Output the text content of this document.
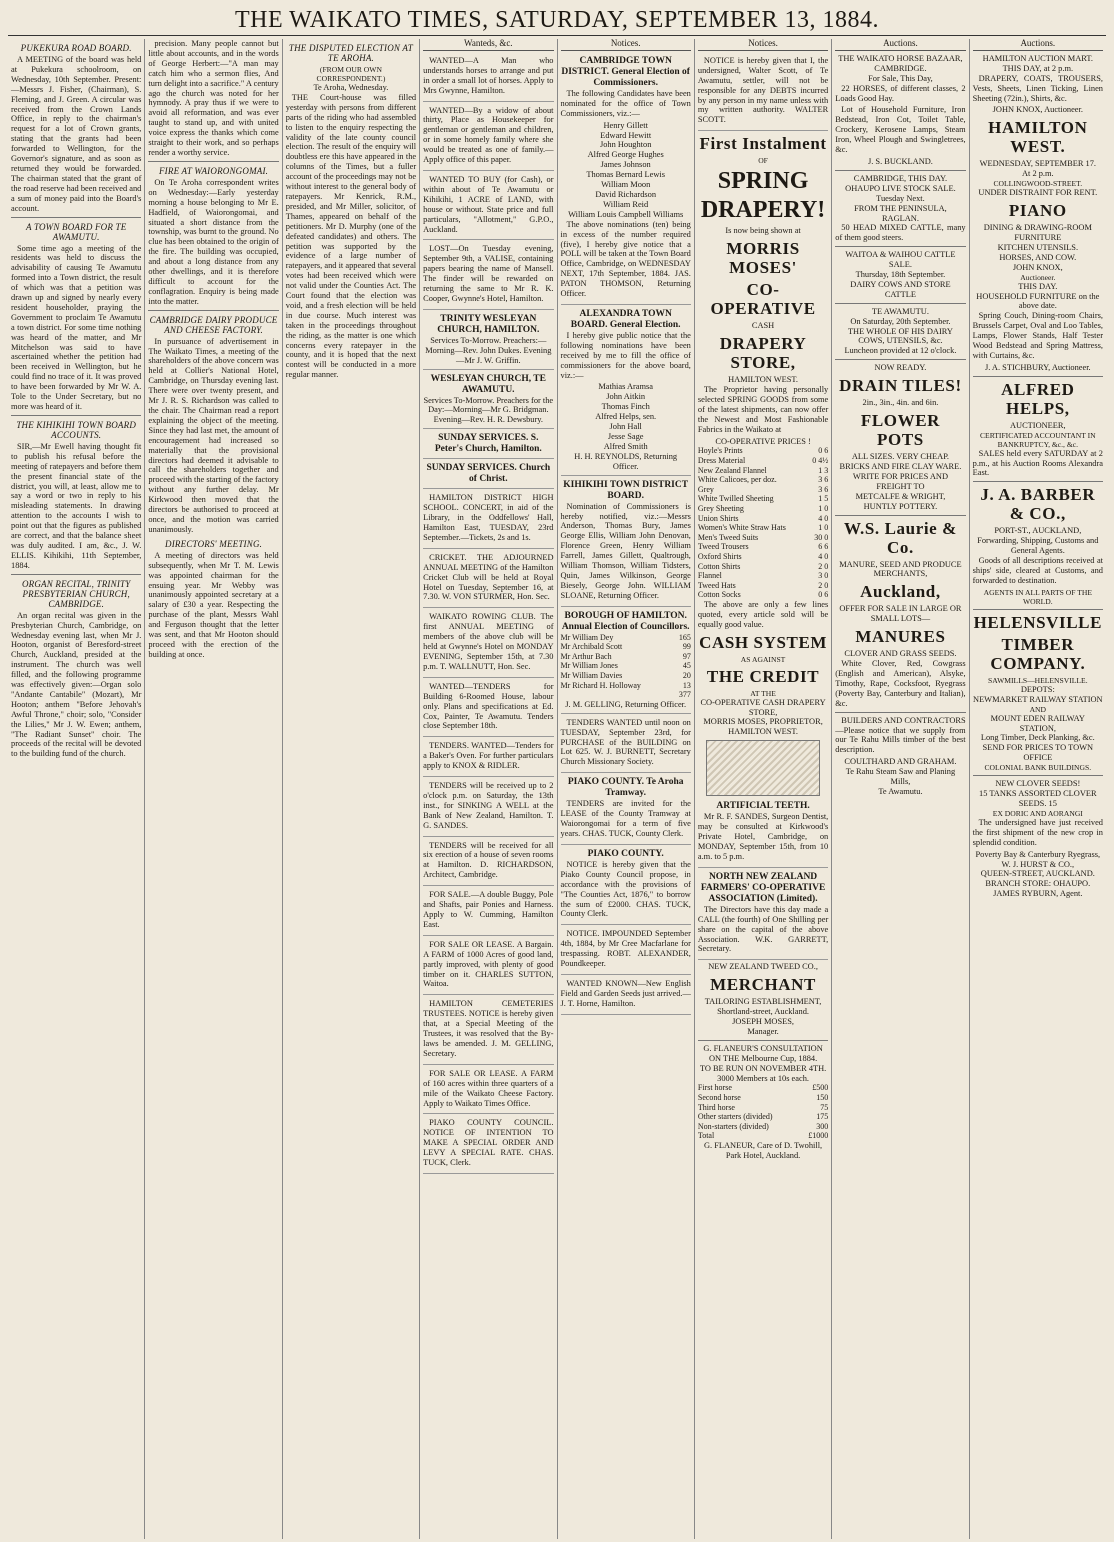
THE WAIKATO TIMES, SATURDAY, SEPTEMBER 13, 1884.
PUKEKURA ROAD BOARD.

A MEETING of the board was held at Pukekura schoolroom, on Wednesday, 10th September. Present:—Messrs J. Fisher, (Chairman), S. Fleming, and J. Green. A circular was received from the Crown Lands Office, in reply to the chairman's request for a lot of Crown grants, stating that the grants had been forwarded to Wellington, for the Governor's signature, and as soon as returned they would be forwarded. The chairman stated that the grant of the road reserve had been received and a sum of money paid into the Board's account.

A TOWN BOARD FOR TE AWAMUTU.

Some time ago a meeting of the residents was held to discuss the advisability of causing Te Awamutu formed into a Town district, the result of which was that a petition was drawn up and signed by nearly every resident householder, praying the Government to proclaim Te Awamutu a town district. For some time nothing was heard of the matter, and Mr Mitchelson was said to have ascertained whether the petition had been received in Wellington, but he could find no trace of it. It was proved to have been forwarded by Mr W. A. Tole to the Under Secretary, but no more was heard of it.

THE KIHIKIHI TOWN BOARD ACCOUNTS.

SIR,—Mr Ewell having thought fit to publish his refusal before the meeting of ratepayers and before them the present financial state of the district, you will, at least, allow me to say a word or two in reply to his misleading statements. In drawing attention to the accounts I wish to point out that the figures as published are correct, and that the balance sheet was duly audited. I am, &c., J. W. ELLIS. Kihikihi, 11th September, 1884.

ORGAN RECITAL, TRINITY PRESBYTERIAN CHURCH, CAMBRIDGE.

An organ recital was given in the Presbyterian Church, Cambridge, on Wednesday evening last, when Mr J. Hooton, organist of Beresford-street Church, Auckland, presided at the instrument. The church was well filled, and the following programme was effectively given:—Organ solo "Andante Cantabile" (Mozart), Mr Hooton; anthem "Before Jehovah's Awful Throne," choir; solo, "Consider the Lilies," Mr J. W. Ewen; anthem, "The Radiant Sunset" choir. The proceeds of the recital will be devoted to the building fund of the church.

precision. Many people cannot but little about accounts, and in the words of George Herbert:—"A man may catch him who a sermon flies, And turn delight into a sacrifice." A century ago the church was noted for her hymnody. A pray thus if we were to avoid all reformation, and was ever taught to stand up, and with united voice express the thanks which come straight to their work, and so perhaps render a worthy service.

FIRE AT WAIORONGOMAI.

On Te Aroha correspondent writes on Wednesday:—Early yesterday morning a house belonging to Mr E. Hadfield, of Waiorongomai, and situated a short distance from the township, was burnt to the ground. No clue has been obtained to the origin of the fire. The building was occupied, and about a long distance from any other dwellings, and it is therefore difficult to account for the conflagration. Enquiry is being made into the matter.

CAMBRIDGE DAIRY PRODUCE AND CHEESE FACTORY.

In pursuance of advertisement in The Waikato Times, a meeting of the shareholders of the above concern was held at Collier's National Hotel, Cambridge, on Thursday evening last. There were over twenty present, and Mr J. R. S. Richardson was called to the chair. The Chairman read a report explaining the object of the meeting. Since they had last met, the amount of encouragement had increased so materially that the provisional directors had deemed it advisable to call the shareholders together and proceed with the starting of the factory without any further delay. Mr Kirkwood then moved that the directors be authorised to proceed at once, and the motion was carried unanimously.

DIRECTORS' MEETING.

A meeting of directors was held subsequently, when Mr T. M. Lewis was appointed chairman for the ensuing year. Mr Webby was unanimously appointed secretary at a salary of £30 a year. Respecting the purchase of the plant, Messrs Wahl and Ferguson thought that the letter was sent, and that Mr Hooton should proceed with the erection of the building at once.

THE DISPUTED ELECTION AT TE AROHA.
(FROM OUR OWN CORRESPONDENT.)
Te Aroha, Wednesday.

THE Court-house was filled yesterday with persons from different parts of the riding who had assembled to listen to the enquiry respecting the validity of the late county council election. The result of the enquiry will doubtless ere this have appeared in the columns of the Times, but a fuller account of the proceedings may not be without interest to the general body of ratepayers. Mr Kenrick, R.M., presided, and Mr Miller, solicitor, of Thames, appeared on behalf of the petitioners. Mr D. Murphy (one of the defeated candidates) and others. The petition was supported by the evidence of a large number of ratepayers, and it appeared that several votes had been received which were not valid under the Counties Act. The Court found that the election was void, and a fresh election will be held in due course. Much interest was taken in the proceedings throughout the riding, as the matter is one which concerns every ratepayer in the county, and it is hoped that the next contest will be conducted in a more regular manner.

Wanteds, &c.

WANTED—A Man who understands horses to arrange and put in order a small lot of horses. Apply to Mrs Gwynne, Hamilton.

WANTED—By a widow of about thirty, Place as Housekeeper for gentleman or gentleman and children, or in some homely family where she would be treated as one of family.—Apply office of this paper.

WANTED TO BUY (for Cash), or within about of Te Awamutu or Kihikihi, 1 ACRE of LAND, with house or without. State price and full particulars, "Allotment," G.P.O., Auckland.

LOST—On Tuesday evening, September 9th, a VALISE, containing papers bearing the name of Mansell. The finder will be rewarded on returning the same to Mr R. K. Cooper, Gwynne's Hotel, Hamilton.

TRINITY WESLEYAN CHURCH, HAMILTON.
Services To-Morrow. Preachers:—Morning—Rev. John Dukes. Evening—Mr J. W. Griffin.
WESLEYAN CHURCH, TE AWAMUTU.
Services To-Morrow. Preachers for the Day:—Morning—Mr G. Bridgman. Evening—Rev. H. R. Dewsbury.
SUNDAY SERVICES. S. Peter's Church, Hamilton.
SUNDAY SERVICES. Church of Christ.

HAMILTON DISTRICT HIGH SCHOOL. CONCERT, in aid of the Library, in the Oddfellows' Hall, Hamilton East, TUESDAY, 23rd September.—Tickets, 2s and 1s.

CRICKET. THE ADJOURNED ANNUAL MEETING of the Hamilton Cricket Club will be held at Royal Hotel on Tuesday, September 16, at 7.30. W. VON STURMER, Hon. Sec.

WAIKATO ROWING CLUB. The first ANNUAL MEETING of members of the above club will be held at Gwynne's Hotel on MONDAY EVENING, September 15th, at 7.30 p.m. T. WALLNUTT, Hon. Sec.

WANTED—TENDERS for Building 6-Roomed House, labour only. Plans and specifications at Ed. Cox, Painter, Te Awamutu. Tenders close September 18th.

TENDERS. WANTED—Tenders for a Baker's Oven. For further particulars apply to KNOX & RIDLER.

TENDERS will be received up to 2 o'clock p.m. on Saturday, the 13th inst., for SINKING A WELL at the Bank of New Zealand, Hamilton. T. G. SANDES.

TENDERS will be received for all six erection of a house of seven rooms at Hamilton. D. RICHARDSON, Architect, Cambridge.

FOR SALE.—A double Buggy, Pole and Shafts, pair Ponies and Harness. Apply to W. Cumming, Hamilton East.

FOR SALE OR LEASE. A Bargain. A FARM of 1000 Acres of good land, partly improved, with plenty of good timber on it. CHARLES SUTTON, Waitoa.

HAMILTON CEMETERIES TRUSTEES. NOTICE is hereby given that, at a Special Meeting of the Trustees, it was resolved that the By-laws be amended. J. M. GELLING, Secretary.

FOR SALE OR LEASE. A FARM of 160 acres within three quarters of a mile of the Waikato Cheese Factory. Apply to Waikato Times Office.

PIAKO COUNTY COUNCIL. NOTICE OF INTENTION TO MAKE A SPECIAL ORDER AND LEVY A SPECIAL RATE. CHAS. TUCK, Clerk.

Notices.
CAMBRIDGE TOWN DISTRICT. General Election of Commissioners.

The following Candidates have been nominated for the office of Town Commissioners, viz.:—

Henry Gillett
Edward Hewitt
John Houghton
Alfred George Hughes
James Johnson
Thomas Bernard Lewis
William Moon
David Richardson
William Reid
William Louis Campbell Williams

The above nominations (ten) being in excess of the number required (five), I hereby give notice that a POLL will be taken at the Town Board Office, Cambridge, on WEDNESDAY NEXT, 17th September, 1884. JAS. PATON THOMSON, Returning Officer.

ALEXANDRA TOWN BOARD. General Election.

I hereby give public notice that the following nominations have been received by me to fill the office of commissioners for the above board, viz.:—

Mathias Aramsa
John Aitkin
Thomas Finch
Alfred Helps, sen.
John Hall
Jesse Sage
Alfred Smith
H. H. REYNOLDS, Returning Officer.
KIHIKIHI TOWN DISTRICT BOARD.

Nomination of Commissioners is hereby notified, viz.:—Messrs Anderson, Thomas Bury, James George Ellis, William John Denovan, Florence Green, Henry William Farrell, James Gillett, Qualtrough, William Thomson, William Tidsters, Quin, James Wilkinson, George Biesely, George John. WILLIAM SLOANE, Returning Officer.

BOROUGH OF HAMILTON. Annual Election of Councillors.
Mr William Dey	165
Mr Archibald Scott	99
Mr Arthur Bach	97
Mr William Jones	45
Mr William Davies	20
Mr Richard H. Holloway	13
377
J. M. GELLING, Returning Officer.

TENDERS WANTED until noon on TUESDAY, September 23rd, for PURCHASE of the BUILDING on Lot 625. W. J. BURNETT, Secretary Church Missionary Society.

PIAKO COUNTY. Te Aroha Tramway.

TENDERS are invited for the LEASE of the County Tramway at Waiorongomai for a term of five years. CHAS. TUCK, County Clerk.

PIAKO COUNTY.

NOTICE is hereby given that the Piako County Council propose, in accordance with the provisions of "The Counties Act, 1876," to borrow the sum of £2000. CHAS. TUCK, County Clerk.

NOTICE. IMPOUNDED September 4th, 1884, by Mr Cree Macfarlane for trespassing. ROBT. ALEXANDER, Poundkeeper.

WANTED KNOWN—New English Field and Garden Seeds just arrived.—J. T. Horne, Hamilton.

Notices.

NOTICE is hereby given that I, the undersigned, Walter Scott, of Te Awamutu, settler, will not be responsible for any DEBTS incurred by any person in my name unless with my written authority. WALTER SCOTT.

First Instalment
OF
SPRING
DRAPERY!
Is now being shown at
MORRIS MOSES'
CO-OPERATIVE
CASH
DRAPERY STORE,
HAMILTON WEST.

The Proprietor having personally selected SPRING GOODS from some of the latest shipments, can now offer the Newest and Most Fashionable Fabrics in the Waikato at

CO-OPERATIVE PRICES !
Hoyle's Prints	0 6
Dress Material	0 4½
New Zealand Flannel	1 3
White Calicoes, per doz.	3 6
Grey	3 6
White Twilled Sheeting	1 5
Grey Sheeting	1 0
Union Shirts	4 0
Women's White Straw Hats	1 0
Men's Tweed Suits	30 0
Tweed Trousers	6 6
Oxford Shirts	4 0
Cotton Shirts	2 0
Flannel	3 0
Tweed Hats	2 0
Cotton Socks	0 6

The above are only a few lines quoted, every article sold will be equally good value.

CASH SYSTEM
AS AGAINST
THE CREDIT
AT THE
CO-OPERATIVE CASH DRAPERY STORE,
MORRIS MOSES, PROPRIETOR,
HAMILTON WEST.
ARTIFICIAL TEETH.

Mr R. F. SANDES, Surgeon Dentist, may be consulted at Kirkwood's Private Hotel, Cambridge, on MONDAY, September 15th, from 10 a.m. to 5 p.m.

NORTH NEW ZEALAND FARMERS' CO-OPERATIVE ASSOCIATION (Limited).

The Directors have this day made a CALL (the fourth) of One Shilling per share on the capital of the above Association. W.K. GARRETT, Secretary.

NEW ZEALAND TWEED CO.,
MERCHANT
TAILORING ESTABLISHMENT,
Shortland-street, Auckland.
JOSEPH MOSES,
Manager.
G. FLANEUR'S CONSULTATION ON THE Melbourne Cup, 1884.
TO BE RUN ON NOVEMBER 4TH. 3000 Members at 10s each.
First horse	£500
Second horse	150
Third horse	75
Other starters (divided)	175
Non-starters (divided)	300
Total	£1000
G. FLANEUR, Care of D. Twohill, Park Hotel, Auckland.
Auctions.
THE WAIKATO HORSE BAZAAR, CAMBRIDGE.
For Sale, This Day,

22 HORSES, of different classes, 2 Loads Good Hay.

Lot of Household Furniture, Iron Bedstead, Iron Cot, Toilet Table, Crockery, Kerosene Lamps, Steam Iron, Wheel Plough and Swingletrees, &c.

J. S. BUCKLAND.
CAMBRIDGE, THIS DAY.
OHAUPO LIVE STOCK SALE.
Tuesday Next.
FROM THE PENINSULA, RAGLAN.

50 HEAD MIXED CATTLE, many of them good steers.

WAITOA & WAIHOU CATTLE SALE.
Thursday, 18th September.
DAIRY COWS AND STORE CATTLE
TE AWAMUTU.
On Saturday, 20th September.
THE WHOLE OF HIS DAIRY COWS, UTENSILS, &c.
Luncheon provided at 12 o'clock.
NOW READY.
DRAIN TILES!
2in., 3in., 4in. and 6in.
FLOWER POTS
ALL SIZES. VERY CHEAP.
BRICKS AND FIRE CLAY WARE.
WRITE FOR PRICES AND FREIGHT TO
METCALFE & WRIGHT,
HUNTLY POTTERY.
W.S. Laurie & Co.
MANURE, SEED AND PRODUCE MERCHANTS,
Auckland,
OFFER FOR SALE IN LARGE OR SMALL LOTS—
MANURES
CLOVER AND GRASS SEEDS.

White Clover, Red, Cowgrass (English and American), Alsyke, Timothy, Rape, Cocksfoot, Ryegrass (Poverty Bay, Canterbury and Italian), &c.

BUILDERS AND CONTRACTORS—Please notice that we supply from our Te Rahu Mills timber of the best description.

COULTHARD AND GRAHAM.
Te Rahu Steam Saw and Planing Mills,
Te Awamutu.
Auctions.
HAMILTON AUCTION MART.
THIS DAY, at 2 p.m.

DRAPERY, COATS, TROUSERS, Vests, Sheets, Linen Ticking, Linen Sheeting (72in.), Shirts, &c.

JOHN KNOX, Auctioneer.
HAMILTON WEST.
WEDNESDAY, SEPTEMBER 17.
At 2 p.m.
COLLINGWOOD-STREET.
UNDER DISTRAINT FOR RENT.
PIANO
DINING & DRAWING-ROOM FURNITURE
KITCHEN UTENSILS.
HORSES, AND COW.
JOHN KNOX,
Auctioneer.
THIS DAY.
HOUSEHOLD FURNITURE on the above date.

Spring Couch, Dining-room Chairs, Brussels Carpet, Oval and Loo Tables, Lamps, Flower Stands, Half Tester Wood Bedstead and Spring Mattress, with Curtains, &c.

J. A. STICHBURY, Auctioneer.
ALFRED HELPS,
AUCTIONEER,
CERTIFICATED ACCOUNTANT IN BANKRUPTCY, &c., &c.

SALES held every SATURDAY at 2 p.m., at his Auction Rooms Alexandra East.

J. A. BARBER & CO.,
PORT-ST., AUCKLAND,
Forwarding, Shipping, Customs and General Agents.

Goods of all descriptions received at ships' side, cleared at Customs, and forwarded to destination.

AGENTS IN ALL PARTS OF THE WORLD.
HELENSVILLE
TIMBER COMPANY.
SAWMILLS—HELENSVILLE.
DEPOTS:
NEWMARKET RAILWAY STATION
AND
MOUNT EDEN RAILWAY STATION,
Long Timber, Deck Planking, &c.
SEND FOR PRICES TO TOWN OFFICE
COLONIAL BANK BUILDINGS.
NEW CLOVER SEEDS!
15 TANKS ASSORTED CLOVER SEEDS. 15
EX DORIC AND AORANGI

The undersigned have just received the first shipment of the new crop in splendid condition.

Poverty Bay & Canterbury Ryegrass,
W. J. HURST & CO.,
QUEEN-STREET, AUCKLAND.
BRANCH STORE: OHAUPO.
JAMES RYBURN, Agent.
